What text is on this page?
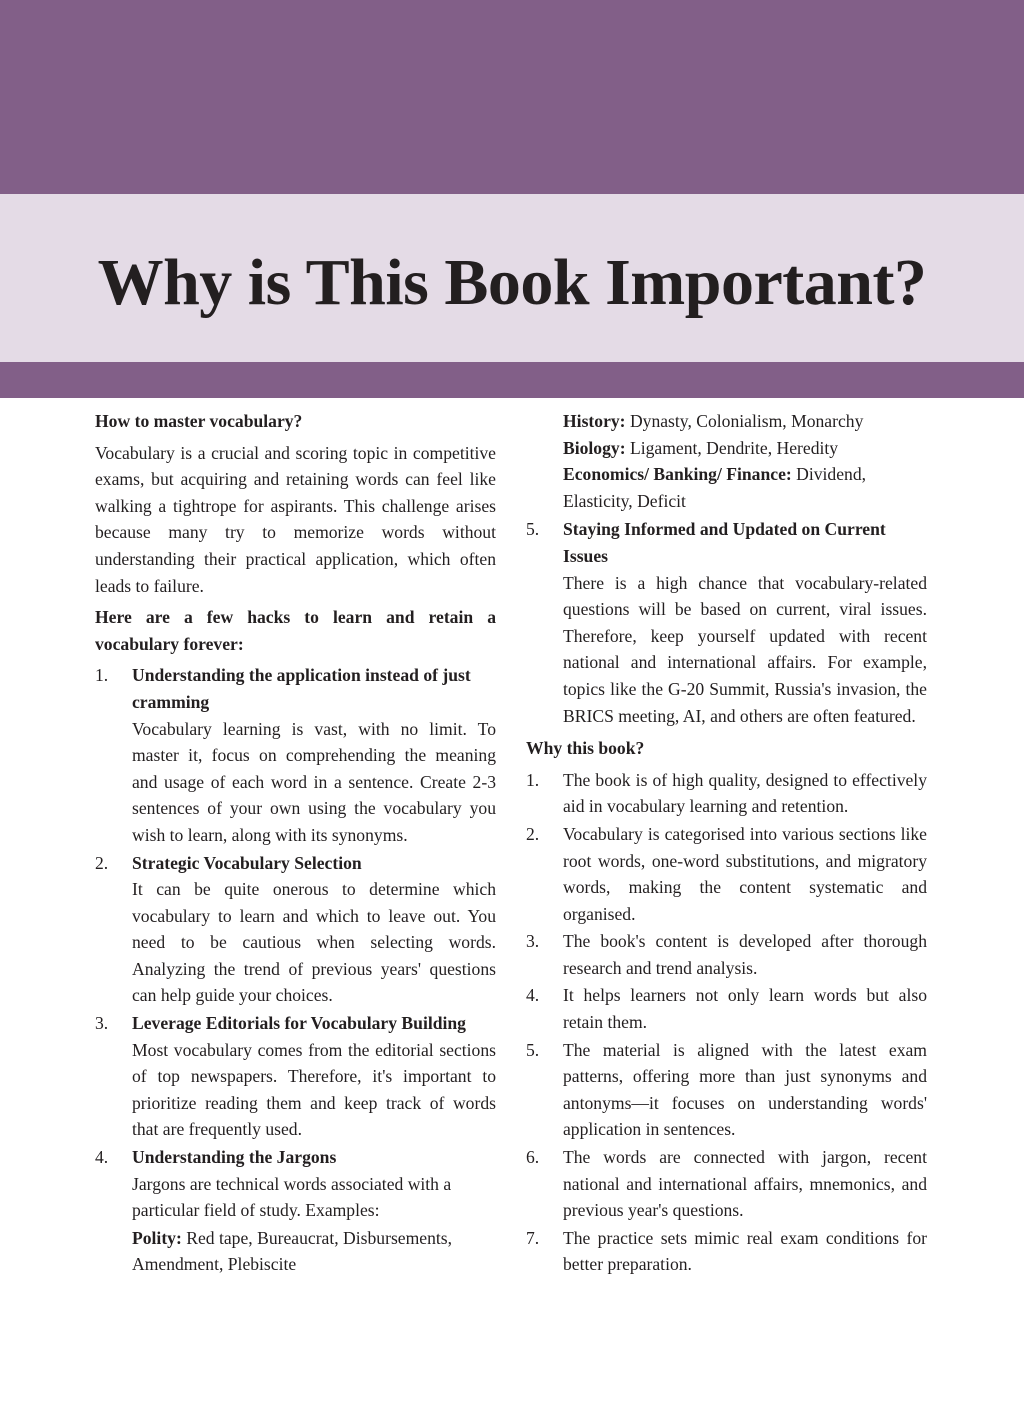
Why is This Book Important?
How to master vocabulary?

Vocabulary is a crucial and scoring topic in competitive exams, but acquiring and retaining words can feel like walking a tightrope for aspirants. This challenge arises because many try to memorize words without understanding their practical application, which often leads to failure.

Here are a few hacks to learn and retain a vocabulary forever:

1. Understanding the application instead of just cramming
Vocabulary learning is vast, with no limit. To master it, focus on comprehending the meaning and usage of each word in a sentence. Create 2-3 sentences of your own using the vocabulary you wish to learn, along with its synonyms.
2. Strategic Vocabulary Selection
It can be quite onerous to determine which vocabulary to learn and which to leave out. You need to be cautious when selecting words. Analyzing the trend of previous years' questions can help guide your choices.
3. Leverage Editorials for Vocabulary Building
Most vocabulary comes from the editorial sections of top newspapers. Therefore, it's important to prioritize reading them and keep track of words that are frequently used.
4. Understanding the Jargons
Jargons are technical words associated with a particular field of study. Examples:

Polity: Red tape, Bureaucrat, Disbursements, Amendment, Plebiscite

History: Dynasty, Colonialism, Monarchy

Biology: Ligament, Dendrite, Heredity

Economics/ Banking/ Finance: Dividend, Elasticity, Deficit

5. Staying Informed and Updated on Current Issues
There is a high chance that vocabulary-related questions will be based on current, viral issues. Therefore, keep yourself updated with recent national and international affairs. For example, topics like the G-20 Summit, Russia's invasion, the BRICS meeting, AI, and others are often featured.
Why this book?
1. The book is of high quality, designed to effectively aid in vocabulary learning and retention.
2. Vocabulary is categorised into various sections like root words, one-word substitutions, and migratory words, making the content systematic and organised.
3. The book's content is developed after thorough research and trend analysis.
4. It helps learners not only learn words but also retain them.
5. The material is aligned with the latest exam patterns, offering more than just synonyms and antonyms—it focuses on understanding words' application in sentences.
6. The words are connected with jargon, recent national and international affairs, mnemonics, and previous year's questions.
7. The practice sets mimic real exam conditions for better preparation.
